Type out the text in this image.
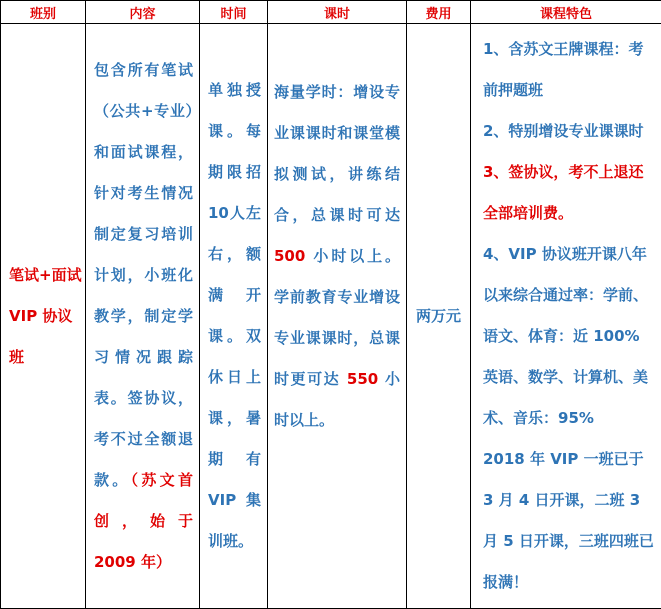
班别	内容	时间	课时	费用	课程特色
笔试+面试 VIP 协议班	包含所有笔试（公共+专业）和面试课程，针对考生情况制定复习培训计划，小班化教学，制定学习情况跟踪表。签协议，考不过全额退款。（苏文首创，始于 2009 年）	单独授课。每期限招 10人左右，额满开课。双休日上课，暑期有 VIP 集训班。	海量学时：增设专业课课时和课堂模拟测试，讲练结合，总课时可达 500 小时以上。学前教育专业增设专业课课时，总课时更可达 550 小时以上。	两万元	1、含苏文王牌课程：考前押题班
2、特别增设专业课课时
3、签协议，考不上退还全部培训费。
4、VIP 协议班开课八年以来综合通过率：学前、语文、体育：近 100% 英语、数学、计算机、美术、音乐：95%
2018 年 VIP 一班已于 3 月 4 日开课，二班 3 月 5 日开课，三班四班已报满！
